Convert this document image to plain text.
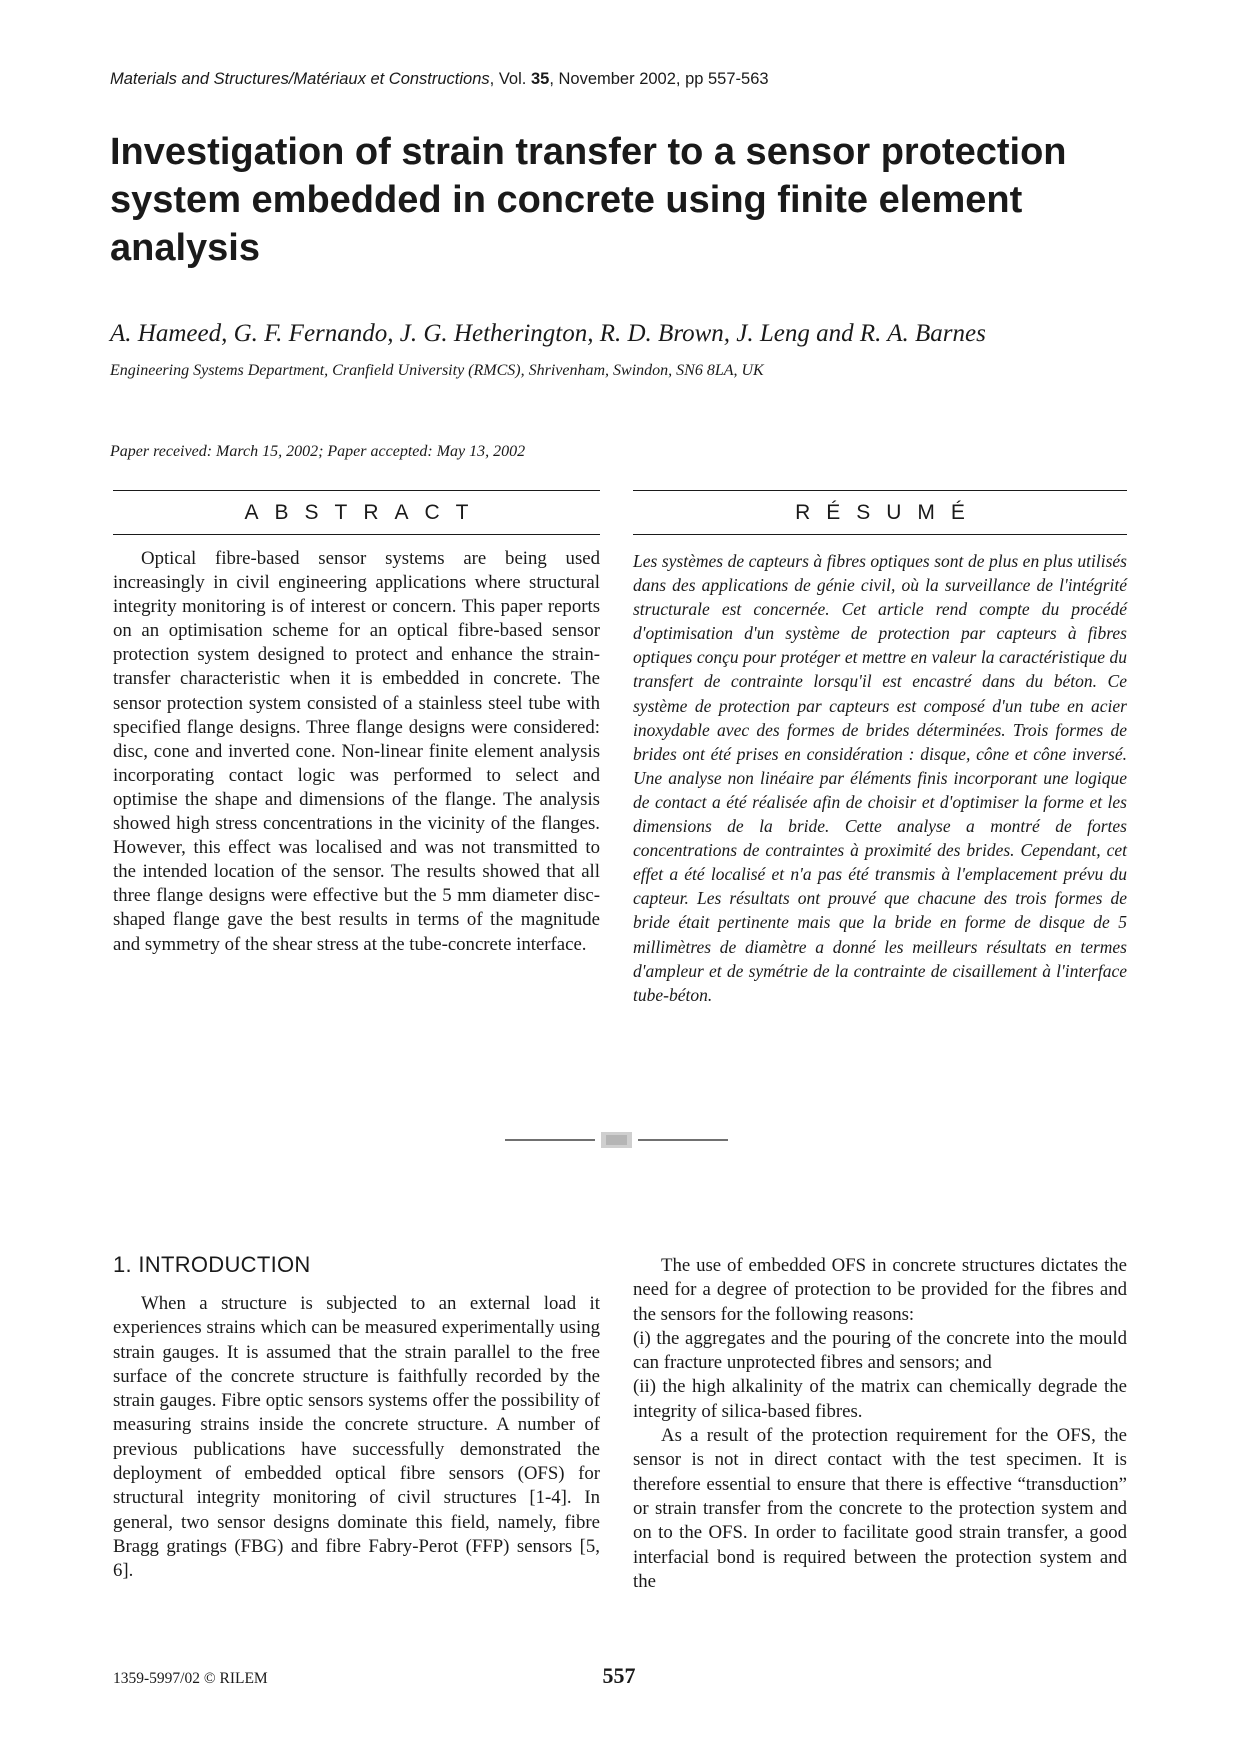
Materials and Structures/Matériaux et Constructions, Vol. 35, November 2002, pp 557-563
Investigation of strain transfer to a sensor protection system embedded in concrete using finite element analysis
A. Hameed, G. F. Fernando, J. G. Hetherington, R. D. Brown, J. Leng and R. A. Barnes
Engineering Systems Department, Cranfield University (RMCS), Shrivenham, Swindon, SN6 8LA, UK
Paper received: March 15, 2002; Paper accepted: May 13, 2002
ABSTRACT	RÉSUMÉ

Optical fibre-based sensor systems are being used increasingly in civil engineering applications where structural integrity monitoring is of interest or concern. This paper reports on an optimisation scheme for an optical fibre-based sensor protection system designed to protect and enhance the strain-transfer characteristic when it is embedded in concrete. The sensor protection system consisted of a stainless steel tube with specified flange designs. Three flange designs were considered: disc, cone and inverted cone. Non-linear finite element analysis incorporating contact logic was performed to select and optimise the shape and dimensions of the flange. The analysis showed high stress concentrations in the vicinity of the flanges. However, this effect was localised and was not transmitted to the intended location of the sensor. The results showed that all three flange designs were effective but the 5 mm diameter disc-shaped flange gave the best results in terms of the magnitude and symmetry of the shear stress at the tube-concrete interface.

Les systèmes de capteurs à fibres optiques sont de plus en plus utilisés dans des applications de génie civil, où la surveillance de l'intégrité structurale est concernée. Cet article rend compte du procédé d'optimisation d'un système de protection par capteurs à fibres optiques conçu pour protéger et mettre en valeur la caractéristique du transfert de contrainte lorsqu'il est encastré dans du béton. Ce système de protection par capteurs est composé d'un tube en acier inoxydable avec des formes de brides déterminées. Trois formes de brides ont été prises en considération : disque, cône et cône inversé. Une analyse non linéaire par éléments finis incorporant une logique de contact a été réalisée afin de choisir et d'optimiser la forme et les dimensions de la bride. Cette analyse a montré de fortes concentrations de contraintes à proximité des brides. Cependant, cet effet a été localisé et n'a pas été transmis à l'emplacement prévu du capteur. Les résultats ont prouvé que chacune des trois formes de bride était pertinente mais que la bride en forme de disque de 5 millimètres de diamètre a donné les meilleurs résultats en termes d'ampleur et de symétrie de la contrainte de cisaillement à l'interface tube-béton.

1. INTRODUCTION

When a structure is subjected to an external load it experiences strains which can be measured experimentally using strain gauges. It is assumed that the strain parallel to the free surface of the concrete structure is faithfully recorded by the strain gauges. Fibre optic sensors systems offer the possibility of measuring strains inside the concrete structure. A number of previous publications have successfully demonstrated the deployment of embedded optical fibre sensors (OFS) for structural integrity monitoring of civil structures [1-4]. In general, two sensor designs dominate this field, namely, fibre Bragg gratings (FBG) and fibre Fabry-Perot (FFP) sensors [5, 6].

The use of embedded OFS in concrete structures dictates the need for a degree of protection to be provided for the fibres and the sensors for the following reasons:

(i) the aggregates and the pouring of the concrete into the mould can fracture unprotected fibres and sensors; and

(ii) the high alkalinity of the matrix can chemically degrade the integrity of silica-based fibres.

As a result of the protection requirement for the OFS, the sensor is not in direct contact with the test specimen. It is therefore essential to ensure that there is effective “transduction” or strain transfer from the concrete to the protection system and on to the OFS. In order to facilitate good strain transfer, a good interfacial bond is required between the protection system and the

1359-5997/02 © RILEM	557
